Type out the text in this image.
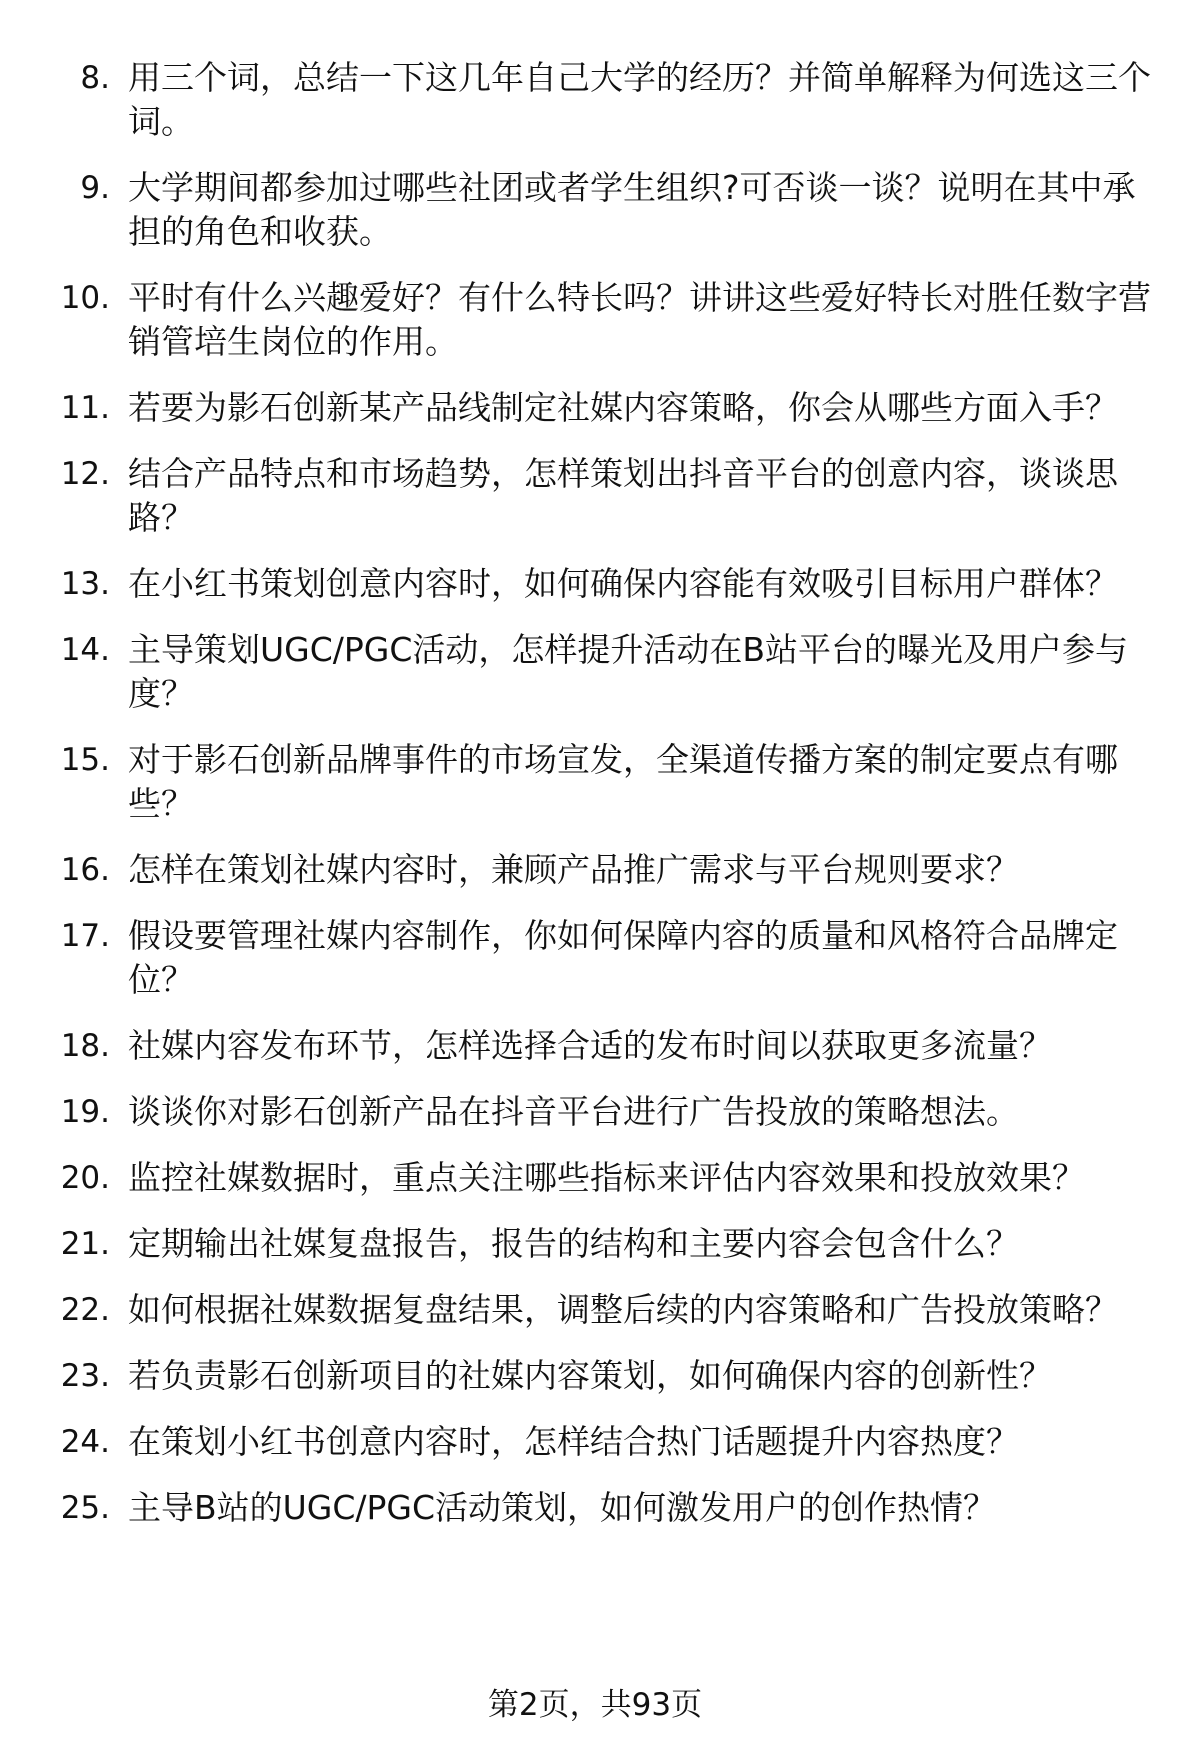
8. 用三个词，总结一下这几年自己大学的经历？并简单解释为何选这三个词。
9. 大学期间都参加过哪些社团或者学生组织?可否谈一谈？说明在其中承担的角色和收获。
10. 平时有什么兴趣爱好？有什么特长吗？讲讲这些爱好特长对胜任数字营销管培生岗位的作用。
11. 若要为影石创新某产品线制定社媒内容策略，你会从哪些方面入手？
12. 结合产品特点和市场趋势，怎样策划出抖音平台的创意内容，谈谈思路？
13. 在小红书策划创意内容时，如何确保内容能有效吸引目标用户群体？
14. 主导策划UGC/PGC活动，怎样提升活动在B站平台的曝光及用户参与度？
15. 对于影石创新品牌事件的市场宣发，全渠道传播方案的制定要点有哪些？
16. 怎样在策划社媒内容时，兼顾产品推广需求与平台规则要求？
17. 假设要管理社媒内容制作，你如何保障内容的质量和风格符合品牌定位？
18. 社媒内容发布环节，怎样选择合适的发布时间以获取更多流量？
19. 谈谈你对影石创新产品在抖音平台进行广告投放的策略想法。
20. 监控社媒数据时，重点关注哪些指标来评估内容效果和投放效果？
21. 定期输出社媒复盘报告，报告的结构和主要内容会包含什么？
22. 如何根据社媒数据复盘结果，调整后续的内容策略和广告投放策略？
23. 若负责影石创新项目的社媒内容策划，如何确保内容的创新性？
24. 在策划小红书创意内容时，怎样结合热门话题提升内容热度？
25. 主导B站的UGC/PGC活动策划，如何激发用户的创作热情？
第2页，共93页
